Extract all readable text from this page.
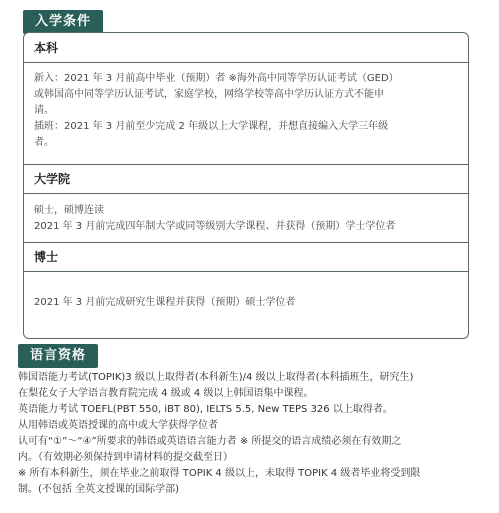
入学条件
本科

新入：2021 年 3 月前高中毕业（预期）者 ※海外高中同等学历认证考试（GED）

或韩国高中同等学历认证考试，家庭学校，网络学校等高中学历认证方式不能申

请。

插班：2021 年 3 月前至少完成 2 年级以上大学课程，并想直接编入大学三年级

者。

大学院

硕士，硕博连读

2021 年 3 月前完成四年制大学或同等级别大学课程、并获得（预期）学士学位者

博士

2021 年 3 月前完成研究生课程并获得（预期）硕士学位者

语言资格

韩国语能力考试(TOPIK)3 级以上取得者(本科新生)/4 级以上取得者(本科插班生，研究生)

在梨花女子大学语言教育院完成 4 级或 4 级以上韩国语集中课程。

英语能力考试 TOEFL(PBT 550, iBT 80), IELTS 5.5, New TEPS 326 以上取得者。

从用韩语或英语授课的高中或大学获得学位者

认可有“①”～“④”所要求的韩语或英语语言能力者 ※ 所提交的语言成绩必须在有效期之

内。（有效期必须保持到申请材料的提交截至日）

※ 所有本科新生，须在毕业之前取得 TOPIK 4 级以上，未取得 TOPIK 4 级者毕业将受到限

制。(不包括 全英文授课的国际学部)
